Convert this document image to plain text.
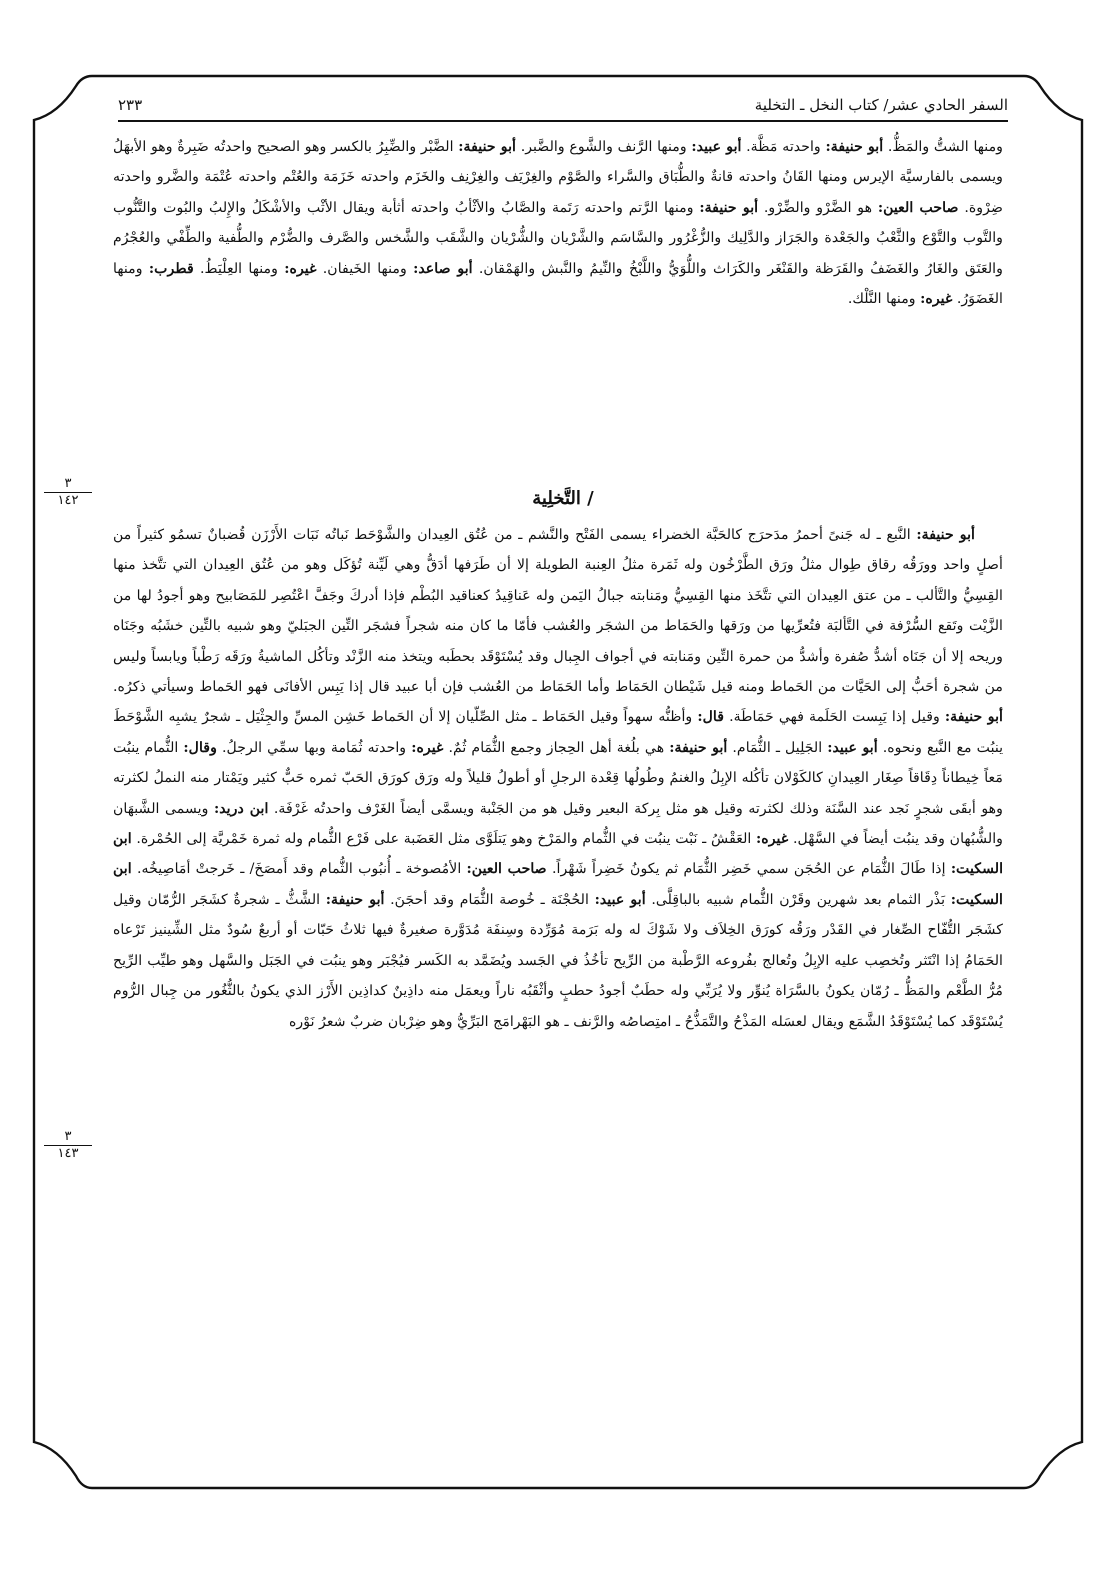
السفر الحادي عشر/ كتاب النخل ـ التخلية
٢٣٣

ومنها الشتُّ والمَظُّ. أبو حنيفة: واحدته مَظَّة. أبو عبيد: ومنها الرَّنف والشَّوع والضَّبر. أبو حنيفة: الضَّبْر والضِّبِرُ بالكسر وهو الصحيح واحدتُه ضَبِرةٌ وهو الأبهَلُ ويسمى بالفارسيَّة الإيرس ومنها القَانُ واحدته قانةٌ والطُّبَاق والسَّراء والصَّوْم والغِرْيَف والغِرْنِف والخَزَم واحدته خَزَمَة والعُتْم واحدته عُتْمَة والضَّرو واحدته ضِرْوة. صاحب العين: هو الضَّرْو والضِّرْو. أبو حنيفة: ومنها الرَّتم واحدته رَتَمة والصَّابُ والأثْأبُ واحدته أثأبة ويقال الأثْب والأشْكَلُ والإِلبُ والبُوت والتَّنُّوب والتَّوب والتَّوْع والثَّعْبُ والجَعْدة والجَرَاز والدَّلِيك والزُّغْرُور والسَّاسَم والشَّرْيان والشُّرْيان والشَّقَب والشَّخس والصَّرف والضُّرْم والطُّفية والطِّفْي والعُجْرُم والعَتَق والغَارُ والغَضَفُ والقَرَظة والقَنْغَر والكَرَاث واللُّوَيُّ واللَّبْخُ والنِّيمُ والنَّبش والهَمْقان. أبو صاعد: ومنها الخَيفان. غيره: ومنها العِلْيَطُ. قطرب: ومنها الغَضَوَرُ. غيره: ومنها النَّلْك.

٣
١٤٢	/ التَّخلِية

أبو حنيفة: النَّبع ـ له جَنىً أحمرُ مدَحرَج كالحَبَّة الخضراء يسمى الفَتْح والنَّشم ـ من عُتُق العِيدان والشَّوْحَط نَباتُه نَبَات الأَرْزَن قُضبانٌ تسمُو كثيراً من أصلٍ واحد وورَقُه رقاق طِوال مثلُ ورَق الطَّرْخُون وله ثَمَرة مثلُ العِنبة الطويلة إلا أن طَرَفها أدَقُّ وهي لَيِّنة تُؤكَل وهو من عُتُق العِيدان التي تتَّخذ منها القِسِيُّ والتَّألب ـ من عتق العِيدان التي تتَّخَذ منها القِسِيُّ ومَنابته جبالُ اليَمن وله عَناقِيدُ كعناقيد البُطْم فإذا أدركَ وجَفَّ اعْتُصِر للمَصَابيح وهو أجودُ لها من الزَّيْت وتَقع السُّرْفة في التَّألبَة فتُعرِّيها من ورَقها والحَمَاط من الشجَر والعُشب فأمّا ما كان منه شجراً فشجَر التِّين الجبَليّ وهو شبيه بالتِّين خشَبُه وجَنَاه وريحه إلا أن جَنَاه أشدُّ صُفرة وأشدُّ من حمرة التِّين ومَنابته في أجواف الجِبال وقد يُسْتَوْقَد بحطَبه ويتخذ منه الزَّنْد وتأكُل الماشيةُ ورَقَه رَطْباً ويابساً وليس من شجرة أحَبُّ إلى الحَيَّات من الحَماط ومنه قيل شَيْطان الحَمَاط وأما الحَمَاط من العُشب فإن أبا عبيد قال إذا يَبِس الأفانَى فهو الحَماط وسيأتي ذكرُه. أبو حنيفة: وقيل إذا يَبِست الحَلَمة فهي حَمَاطَة. قال: وأظنُّه سهواً وقيل الحَمَاط ـ مثل الصِّلّيان إلا أن الحَماط خَشِن المسِّ والجِثْيَل ـ شجرٌ يشبِه الشَّوْحَطَ ينبُت مع النَّبع ونحوه. أبو عبيد: الجَلِيل ـ الثُّمَام. أبو حنيفة: هي بلُغة أهل الحِجاز وجمع الثُّمَام ثُمٌ. غيره: واحدته ثُمَامة وبها سمِّي الرجلُ. وقال: الثُّمام ينبُت مَعاً خِيطاناً دِقَاقاً صِغَار العِيدانِ كالكَوْلان تأكُله الإبِلُ والغنمُ وطُولُها قِعْدة الرجلِ أو أطولُ قليلاً وله ورَق كورَق الحَبّ ثمره حَبٌّ كثير ويَمْتار منه النملُ لكثرته وهو أبقَى شجرٍ نَجد عند السَّنَة وذلك لكثرته وقيل هو مثل بِركة البعير وقيل هو من الجَنْبة ويسمَّى أيضاً الغَرْف واحدتُه غَرْفَة. ابن دريد: ويسمى الشَّبهَان والشُّبُهان وقد ينبُت أيضاً في السَّهْل. غيره: العَقْشُ ـ نَبْت ينبُت في الثُّمام والمَرْخ وهو يَتلَوَّى مثل العَضَبة على فَرْع الثُّمام وله ثمرة خَمْريَّة إلى الحُمْرة. ابن السكيت: إذا طَالَ الثُّمَام عن الحُجَن سمي خَضِر الثُّمَام ثم يكونُ خَضِراً شَهْراً. صاحب العين: الأمُصوخة ـ أُنبُوب الثُّمام وقد أَمصَخَ/ ـ خَرجتْ أمَاصِيخُه. ابن السكيت: بَذْر الثمام بعد شهرين وقَرْن الثُّمام شبيه بالباقِلَّى. أبو عبيد: الحُجْنَة ـ خُوصة الثُّمَام وقد أحجَنَ. أبو حنيفة: الشَّثُّ ـ شجرةٌ كشَجَر الرُّمّان وقيل كشَجَر التُّفّاح الصِّغار في القَدْر ورَقُه كورَق الخِلاَف ولا شَوْكَ له وله بَرَمة مُوَرِّدة وسِنفَة مُدَوَّرة صغيرةٌ فيها ثلاثُ حَبّات أو أربعٌ سُودٌ مثل الشِّينيز تَرْعاه الحَمَامُ إذا انْتَثر وتُخصِب عليه الإبِلُ وتُعالج بفُروعه الرَّطْبة من الرِّيح تأخُذُ في الجَسد ويُضَمَّد به الكَسر فيُجْبَر وهو ينبُت في الجَبَل والسَّهل وهو طيِّب الرِّيح مُرُّ الطَّعْم والمَظُّ ـ رُمّان يكونُ بالسَّرَاة يُنوِّر ولا يُرَبِّي وله حطَبٌ أجودُ حطبٍ وأثْقَبُه ناراً ويعمَل منه داذِينٌ كداذِين الأَرْز الذي يكونُ بالثُّغُور من جِبال الرُّوم يُسْتَوْقَد كما يُسْتَوْقَدُ الشَّمَع ويقال لعسَله المَذْحُ والتَّمَذُّحُ ـ امتِصاصُه والرَّنف ـ هو البَهْرامَج البَرِّيُّ وهو ضِرْبان ضربٌ شعرُ نَوْره

٣
١٤٣
